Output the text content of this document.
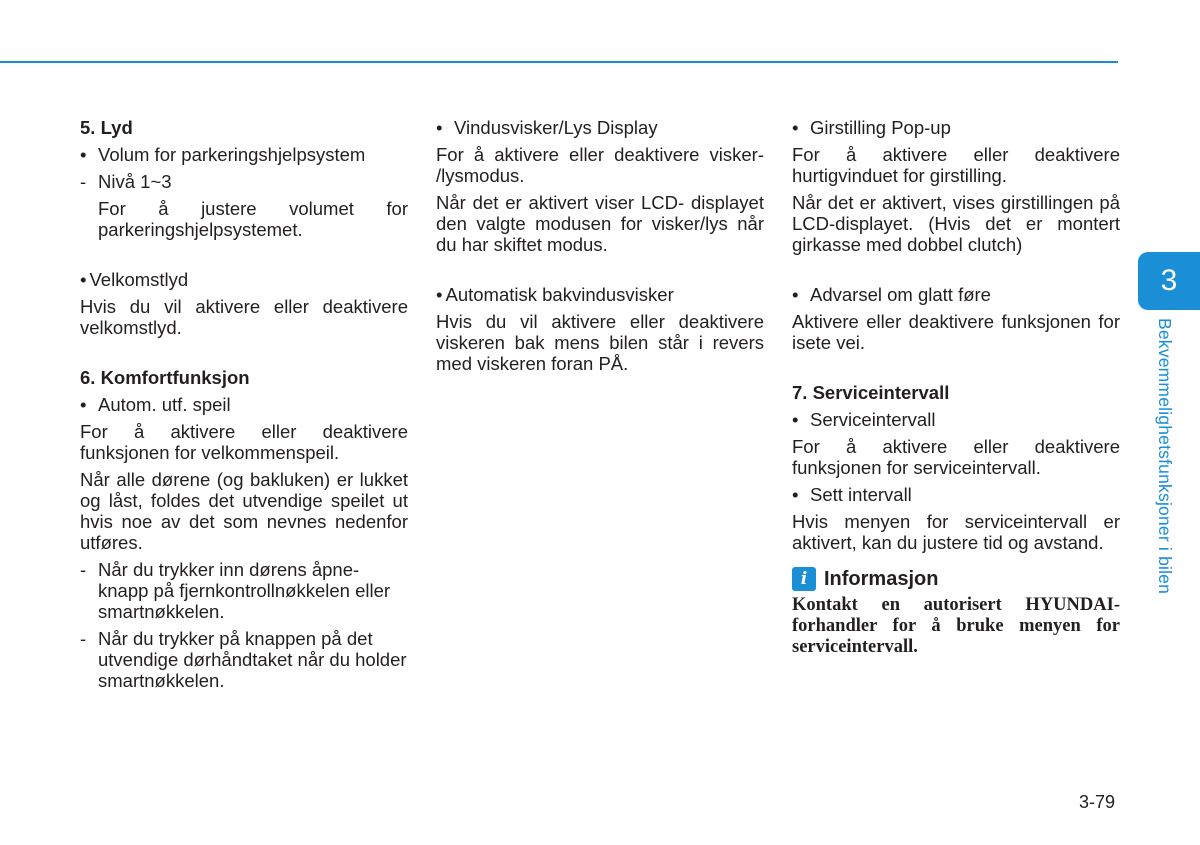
5. Lyd
• Volum for parkeringshjelpsystem
- Nivå 1~3
For å justere volumet for parkeringshjelpsystemet.
• Velkomstlyd
Hvis du vil aktivere eller deaktivere velkomstlyd.
6. Komfortfunksjon
• Autom. utf. speil
For å aktivere eller deaktivere funksjonen for velkommenspeil.
Når alle dørene (og bakluken) er lukket og låst, foldes det utvendige speilet ut hvis noe av det som nevnes nedenfor utføres.
- Når du trykker inn dørens åpne- knapp på fjernkontrollnøkkelen eller smartnøkkelen.
- Når du trykker på knappen på det utvendige dørhåndtaket når du holder smartnøkkelen.
• Vindusvisker/Lys Display
For å aktivere eller deaktivere visker- /lysmodus.
Når det er aktivert viser LCD- displayet den valgte modusen for visker/lys når du har skiftet modus.
• Automatisk bakvindusvisker
Hvis du vil aktivere eller deaktivere viskeren bak mens bilen står i revers med viskeren foran PÅ.
• Girstilling Pop-up
For å aktivere eller deaktivere hurtigvinduet for girstilling.
Når det er aktivert, vises girstillingen på LCD-displayet. (Hvis det er montert girkasse med dobbel clutch)
• Advarsel om glatt føre
Aktivere eller deaktivere funksjonen for isete vei.
7. Serviceintervall
• Serviceintervall
For å aktivere eller deaktivere funksjonen for serviceintervall.
• Sett intervall
Hvis menyen for serviceintervall er aktivert, kan du justere tid og avstand.
i Informasjon
Kontakt en autorisert HYUNDAI- forhandler for å bruke menyen for serviceintervall.
3
Bekvemmelighetsfunksjoner i bilen
3-79
